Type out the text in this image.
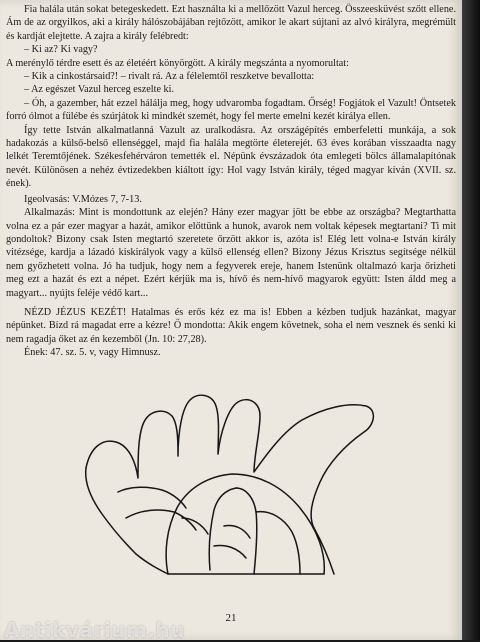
Fia halála után sokat betegeskedett. Ezt használta ki a mellőzött Vazul herceg. Összeesküvést szőtt ellene. Ám de az orgyilkos, aki a király hálószobájában rejtőzött, amikor le akart sújtani az alvó királyra, megrémült és kardját elejtette. A zajra a király felébredt:

– Ki az? Ki vagy?

A merénylő térdre esett és az életéért könyörgött. A király megszánta a nyomorultat:

– Kik a cinkostársaid?! – rivalt rá. Az a félelemtől reszketve bevallotta:

– Az egészet Vazul herceg eszelte ki.

– Óh, a gazember, hát ezzel hálálja meg, hogy udvaromba fogadtam. Őrség! Fogjátok el Vazult! Öntsetek forró ólmot a fülébe és szúrjátok ki mindkét szemét, hogy fel merte emelni kezét királya ellen.

Így tette István alkalmatlanná Vazult az uralkodásra. Az országépítés emberfeletti munkája, a sok hadakozás a külső-belső ellenséggel, majd fia halála megtörte életerejét. 63 éves korában visszaadta nagy lelkét Teremtőjének. Székesfehérváron temették el. Népünk évszázadok óta emlegeti bölcs államalapítónak nevét. Különösen a nehéz évtizedekben kiáltott így: Hol vagy István király, téged magyar kíván (XVII. sz. ének).

Igeolvasás: V.Mózes 7, 7-13.

Alkalmazás: Mint is mondottunk az elején? Hány ezer magyar jött be ebbe az országba? Megtarthatta volna ez a pár ezer magyar a hazát, amikor előttünk a hunok, avarok nem voltak képesek megtartani? Ti mit gondoltok? Bizony csak Isten megtartó szeretete őrzött akkor is, azóta is! Elég lett volna-e István király vitézsége, kardja a lázadó kiskirályok vagy a külső ellenség ellen? Bizony Jézus Krisztus segítsége nélkül nem győzhetett volna. Jó ha tudjuk, hogy nem a fegyverek ereje, hanem Istenünk oltalmazó karja őrizheti meg ezt a hazát és ezt a népet. Ezért kérjük ma is, hívő és nem-hívő magyarok együtt: Isten áldd meg a magyart... nyújts feléje védő kart...

NÉZD JÉZUS KEZÉT! Hatalmas és erős kéz ez ma is! Ebben a kézben tudjuk hazánkat, magyar népünket. Bízd rá magadat erre a kézre! Ő mondotta: Akik engem követnek, soha el nem vesznek és senki ki nem ragadja őket az én kezemből (Jn. 10: 27,28).

Ének: 47. sz. 5. v, vagy Himnusz.

21
Antikvárium.hu
